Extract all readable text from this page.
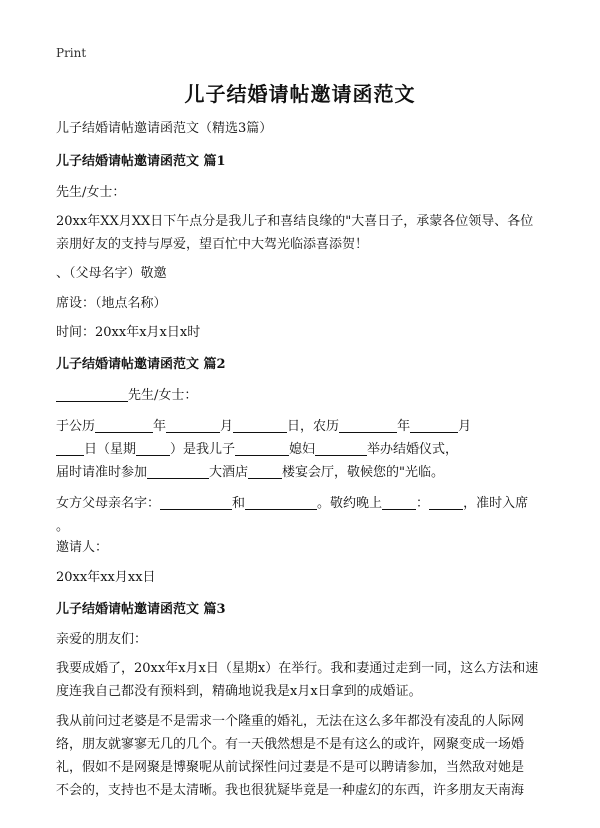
Print
儿子结婚请帖邀请函范文
儿子结婚请帖邀请函范文（精选3篇）
儿子结婚请帖邀请函范文 篇1
先生/女士：
20xx年XX月XX日下午点分是我儿子和喜结良缘的"大喜日子，承蒙各位领导、各位亲朋好友的支持与厚爱，望百忙中大驾光临添喜添贺！
、（父母名字）敬邀
席设：（地点名称）
时间：20xx年x月x日x时
儿子结婚请帖邀请函范文 篇2
先生/女士：
于公历	年	月	日，农历	年	月
日（星期	）是我儿子	媳妇	举办结婚仪式，
届时请准时参加	大酒店	楼宴会厅，敬候您的"光临。
女方父母亲名字：	和	。敬约晚上	：	，准时入席
。
邀请人：
20xx年xx月xx日
儿子结婚请帖邀请函范文 篇3
亲爱的朋友们：
我要成婚了，20xx年x月x日（星期x）在举行。我和妻通过走到一同，这么方法和速度连我自己都没有预料到，精确地说我是x月x日拿到的成婚证。
我从前问过老婆是不是需求一个隆重的婚礼，无法在这么多年都没有凌乱的人际网
络，朋友就寥寥无几的几个。有一天俄然想是不是有这么的或许，网聚变成一场婚
礼，假如不是网聚是博聚呢从前试探性问过妻是不是可以聘请参加，当然敌对她是
不会的，支持也不是太清晰。我也很犹疑毕竟是一种虚幻的东西，许多朋友天南海
